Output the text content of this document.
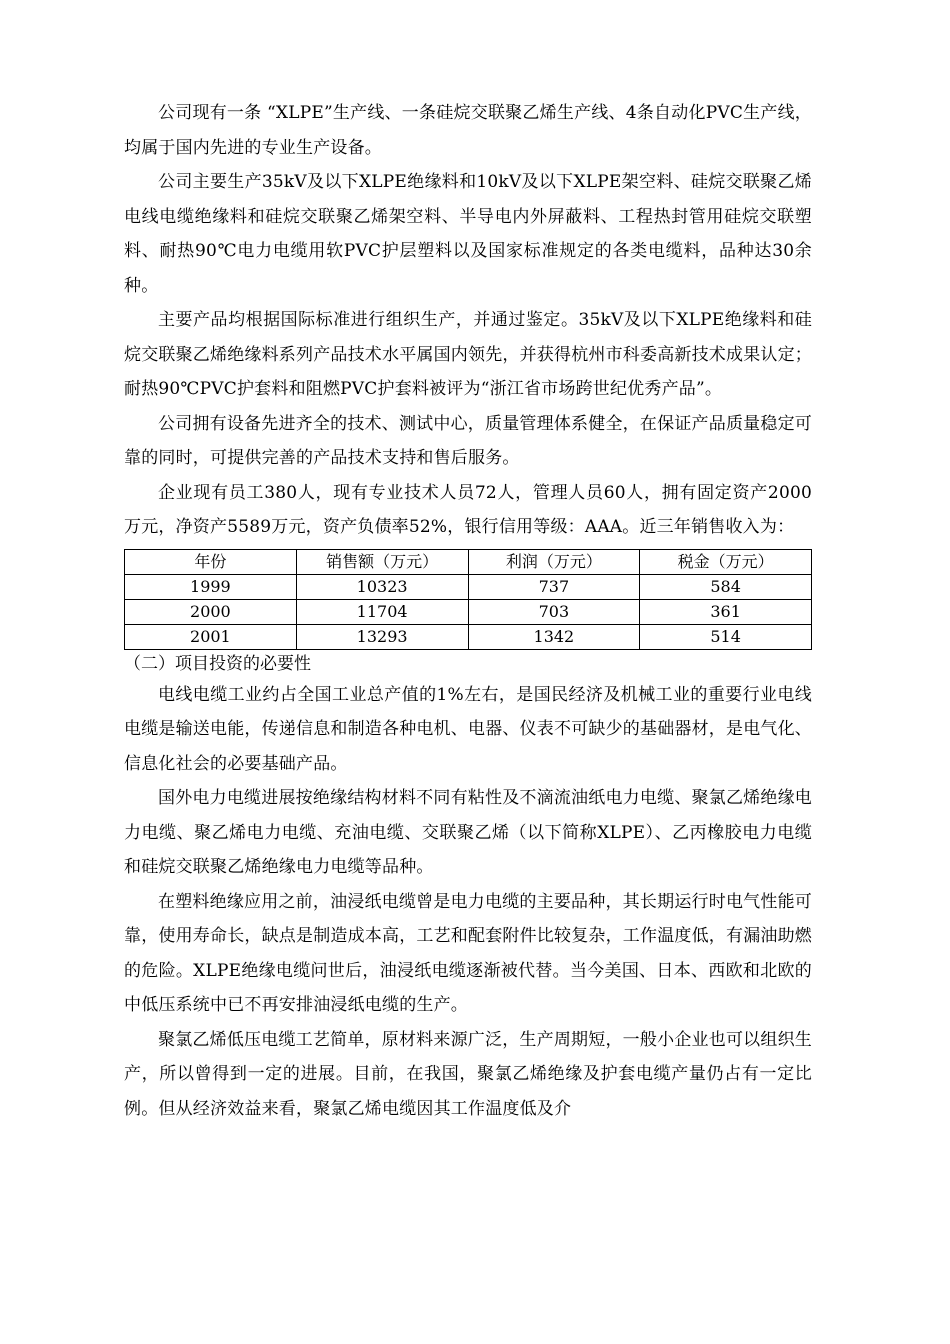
公司现有一条 “XLPE”生产线、一条硅烷交联聚乙烯生产线、4条自动化PVC生产线，均属于国内先进的专业生产设备。

公司主要生产35kV及以下XLPE绝缘料和10kV及以下XLPE架空料、硅烷交联聚乙烯电线电缆绝缘料和硅烷交联聚乙烯架空料、半导电内外屏蔽料、工程热封管用硅烷交联塑料、耐热90℃电力电缆用软PVC护层塑料以及国家标准规定的各类电缆料，品种达30余种。

主要产品均根据国际标准进行组织生产，并通过鉴定。35kV及以下XLPE绝缘料和硅烷交联聚乙烯绝缘料系列产品技术水平属国内领先，并获得杭州市科委高新技术成果认定；耐热90℃PVC护套料和阻燃PVC护套料被评为“浙江省市场跨世纪优秀产品”。

公司拥有设备先进齐全的技术、测试中心，质量管理体系健全，在保证产品质量稳定可靠的同时，可提供完善的产品技术支持和售后服务。

企业现有员工380人，现有专业技术人员72人，管理人员60人，拥有固定资产2000万元，净资产5589万元，资产负债率52%，银行信用等级：AAA。近三年销售收入为：

年份	销售额（万元）	利润（万元）	税金（万元）
1999	10323	737	584
2000	11704	703	361
2001	13293	1342	514

（二）项目投资的必要性

电线电缆工业约占全国工业总产值的1%左右，是国民经济及机械工业的重要行业电线电缆是输送电能，传递信息和制造各种电机、电器、仪表不可缺少的基础器材，是电气化、信息化社会的必要基础产品。

国外电力电缆进展按绝缘结构材料不同有粘性及不滴流油纸电力电缆、聚氯乙烯绝缘电力电缆、聚乙烯电力电缆、充油电缆、交联聚乙烯（以下简称XLPE）、乙丙橡胶电力电缆和硅烷交联聚乙烯绝缘电力电缆等品种。

在塑料绝缘应用之前，油浸纸电缆曾是电力电缆的主要品种，其长期运行时电气性能可靠，使用寿命长，缺点是制造成本高，工艺和配套附件比较复杂，工作温度低，有漏油助燃的危险。XLPE绝缘电缆问世后，油浸纸电缆逐渐被代替。当今美国、日本、西欧和北欧的中低压系统中已不再安排油浸纸电缆的生产。

聚氯乙烯低压电缆工艺简单，原材料来源广泛，生产周期短，一般小企业也可以组织生产，所以曾得到一定的进展。目前，在我国，聚氯乙烯绝缘及护套电缆产量仍占有一定比例。但从经济效益来看，聚氯乙烯电缆因其工作温度低及介
